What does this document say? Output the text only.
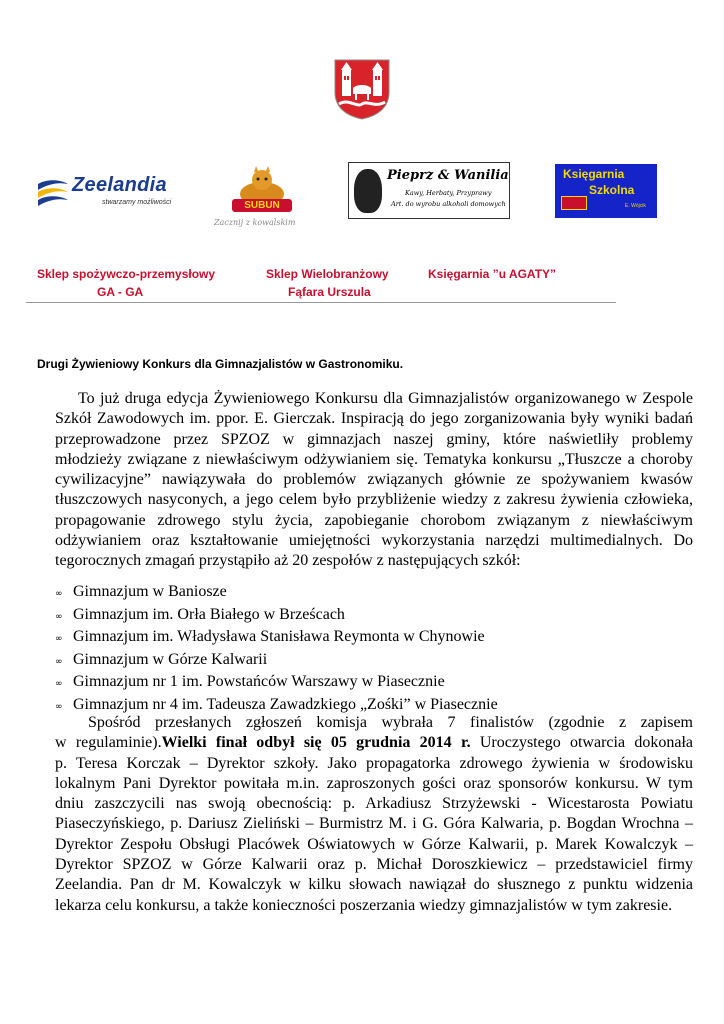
Zeelandia
stwarzamy możliwości	SUBUN
Zacznij z kowalskim
Pieprz & Wanilia
Kawy, Herbaty, Przyprawy
Art. do wyrobu alkoholi domowych
Księgarnia
Szkolna
E. Wójcik
Sklep spożywczo-przemysłowy
GA - GA
Sklep Wielobranżowy
Fąfara Urszula
Księgarnia ”u AGATY”
Drugi Żywieniowy Konkurs dla Gimnazjalistów w Gastronomiku.
To już druga edycja Żywieniowego Konkursu dla Gimnazjalistów organizowanego w Zespole
Szkół Zawodowych im. ppor. E. Gierczak. Inspiracją do jego zorganizowania były wyniki badań
przeprowadzone przez SPZOZ w gimnazjach naszej gminy, które naświetliły problemy
młodzieży związane z niewłaściwym odżywianiem się. Tematyka konkursu „Tłuszcze a choroby
cywilizacyjne” nawiązywała do problemów związanych głównie ze spożywaniem kwasów
tłuszczowych nasyconych, a jego celem było przybliżenie wiedzy z zakresu żywienia człowieka,
propagowanie zdrowego stylu życia, zapobieganie chorobom związanym z niewłaściwym
odżywianiem oraz kształtowanie umiejętności wykorzystania narzędzi multimedialnych. Do
tegorocznych zmagań przystąpiło aż 20 zespołów z następujących szkół:
∞ Gimnazjum w Baniosze
∞ Gimnazjum im. Orła Białego w Brześcach
∞ Gimnazjum im. Władysława Stanisława Reymonta w Chynowie
∞ Gimnazjum w Górze Kalwarii
∞ Gimnazjum nr 1 im. Powstańców Warszawy w Piasecznie
∞ Gimnazjum nr 4 im. Tadeusza Zawadzkiego „Zośki” w Piasecznie
Spośród przesłanych zgłoszeń komisja wybrała 7 finalistów (zgodnie z zapisem
w regulaminie).Wielki finał odbył się 05 grudnia 2014 r. Uroczystego otwarcia dokonała
p. Teresa Korczak – Dyrektor szkoły. Jako propagatorka zdrowego żywienia w środowisku
lokalnym Pani Dyrektor powitała m.in. zaproszonych gości oraz sponsorów konkursu. W tym
dniu zaszczycili nas swoją obecnością: p. Arkadiusz Strzyżewski - Wicestarosta Powiatu
Piaseczyńskiego, p. Dariusz Zieliński – Burmistrz M. i G. Góra Kalwaria, p. Bogdan Wrochna –
Dyrektor Zespołu Obsługi Placówek Oświatowych w Górze Kalwarii, p. Marek Kowalczyk –
Dyrektor SPZOZ w Górze Kalwarii oraz p. Michał Doroszkiewicz – przedstawiciel firmy
Zeelandia. Pan dr M. Kowalczyk w kilku słowach nawiązał do słusznego z punktu widzenia
lekarza celu konkursu, a także konieczności poszerzania wiedzy gimnazjalistów w tym zakresie.
